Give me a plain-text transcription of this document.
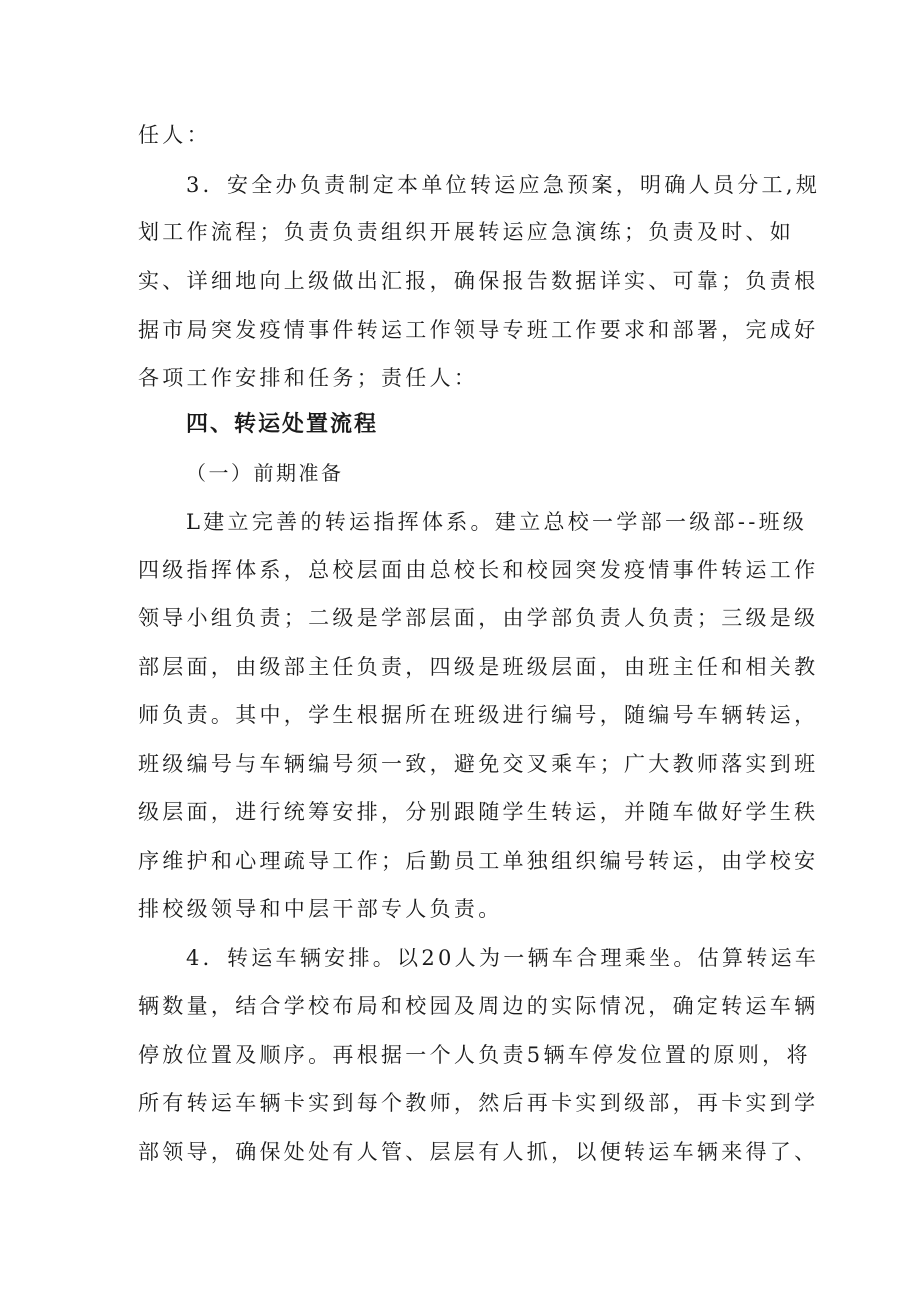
任人：
3．安全办负责制定本单位转运应急预案，明确人员分工,规
划工作流程；负责负责组织开展转运应急演练；负责及时、如
实、详细地向上级做出汇报，确保报告数据详实、可靠；负责根
据市局突发疫情事件转运工作领导专班工作要求和部署，完成好
各项工作安排和任务；责任人：
四、转运处置流程
（一）前期准备
L建立完善的转运指挥体系。建立总校一学部一级部--班级
四级指挥体系，总校层面由总校长和校园突发疫情事件转运工作
领导小组负责；二级是学部层面，由学部负责人负责；三级是级
部层面，由级部主任负责，四级是班级层面，由班主任和相关教
师负责。其中，学生根据所在班级进行编号，随编号车辆转运，
班级编号与车辆编号须一致，避免交叉乘车；广大教师落实到班
级层面，进行统筹安排，分别跟随学生转运，并随车做好学生秩
序维护和心理疏导工作；后勤员工单独组织编号转运，由学校安
排校级领导和中层干部专人负责。
4．转运车辆安排。以20人为一辆车合理乘坐。估算转运车
辆数量，结合学校布局和校园及周边的实际情况，确定转运车辆
停放位置及顺序。再根据一个人负责5辆车停发位置的原则，将
所有转运车辆卡实到每个教师，然后再卡实到级部，再卡实到学
部领导，确保处处有人管、层层有人抓，以便转运车辆来得了、
